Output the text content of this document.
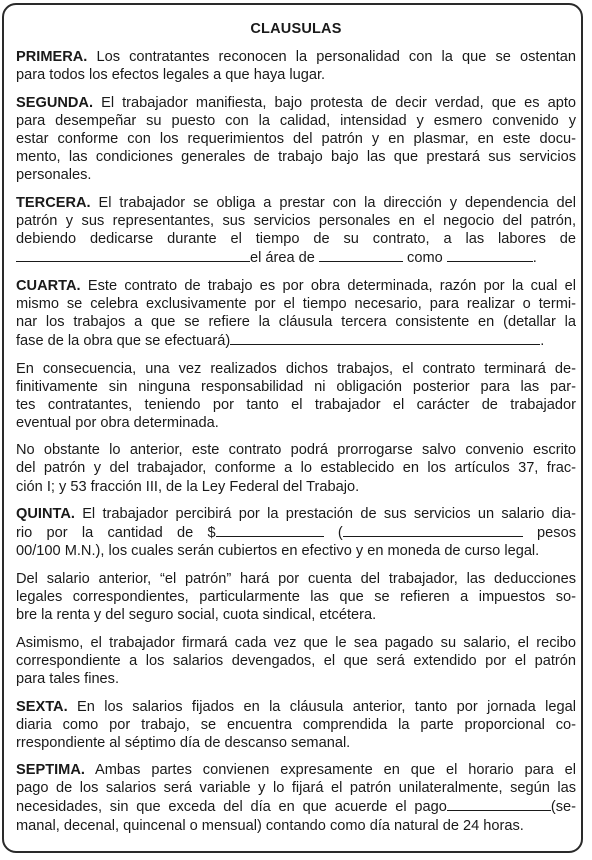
CLAUSULAS
PRIMERA. Los contratantes reconocen la personalidad con la que se ostentan
para todos los efectos legales a que haya lugar.
SEGUNDA. El trabajador manifiesta, bajo protesta de decir verdad, que es apto
para desempeñar su puesto con la calidad, intensidad y esmero convenido y
estar conforme con los requerimientos del patrón y en plasmar, en este docu-
mento, las condiciones generales de trabajo bajo las que prestará sus servicios
personales.
TERCERA. El trabajador se obliga a prestar con la dirección y dependencia del
patrón y sus representantes, sus servicios personales en el negocio del patrón,
debiendo dedicarse durante el tiempo de su contrato, a las labores de
el área de	como	.
CUARTA. Este contrato de trabajo es por obra determinada, razón por la cual el
mismo se celebra exclusivamente por el tiempo necesario, para realizar o termi-
nar los trabajos a que se refiere la cláusula tercera consistente en (detallar la
fase de la obra que se efectuará)	.
En consecuencia, una vez realizados dichos trabajos, el contrato terminará de-
finitivamente sin ninguna responsabilidad ni obligación posterior para las par-
tes contratantes, teniendo por tanto el trabajador el carácter de trabajador
eventual por obra determinada.
No obstante lo anterior, este contrato podrá prorrogarse salvo convenio escrito
del patrón y del trabajador, conforme a lo establecido en los artículos 37, frac-
ción I; y 53 fracción III, de la Ley Federal del Trabajo.
QUINTA. El trabajador percibirá por la prestación de sus servicios un salario dia-
rio por la cantidad de $	(	pesos
00/100 M.N.), los cuales serán cubiertos en efectivo y en moneda de curso legal.
Del salario anterior, “el patrón” hará por cuenta del trabajador, las deducciones
legales correspondientes, particularmente las que se refieren a impuestos so-
bre la renta y del seguro social, cuota sindical, etcétera.
Asimismo, el trabajador firmará cada vez que le sea pagado su salario, el recibo
correspondiente a los salarios devengados, el que será extendido por el patrón
para tales fines.
SEXTA. En los salarios fijados en la cláusula anterior, tanto por jornada legal
diaria como por trabajo, se encuentra comprendida la parte proporcional co-
rrespondiente al séptimo día de descanso semanal.
SEPTIMA. Ambas partes convienen expresamente en que el horario para el
pago de los salarios será variable y lo fijará el patrón unilateralmente, según las
necesidades, sin que exceda del día en que acuerde el pago	(se-
manal, decenal, quincenal o mensual) contando como día natural de 24 horas.
